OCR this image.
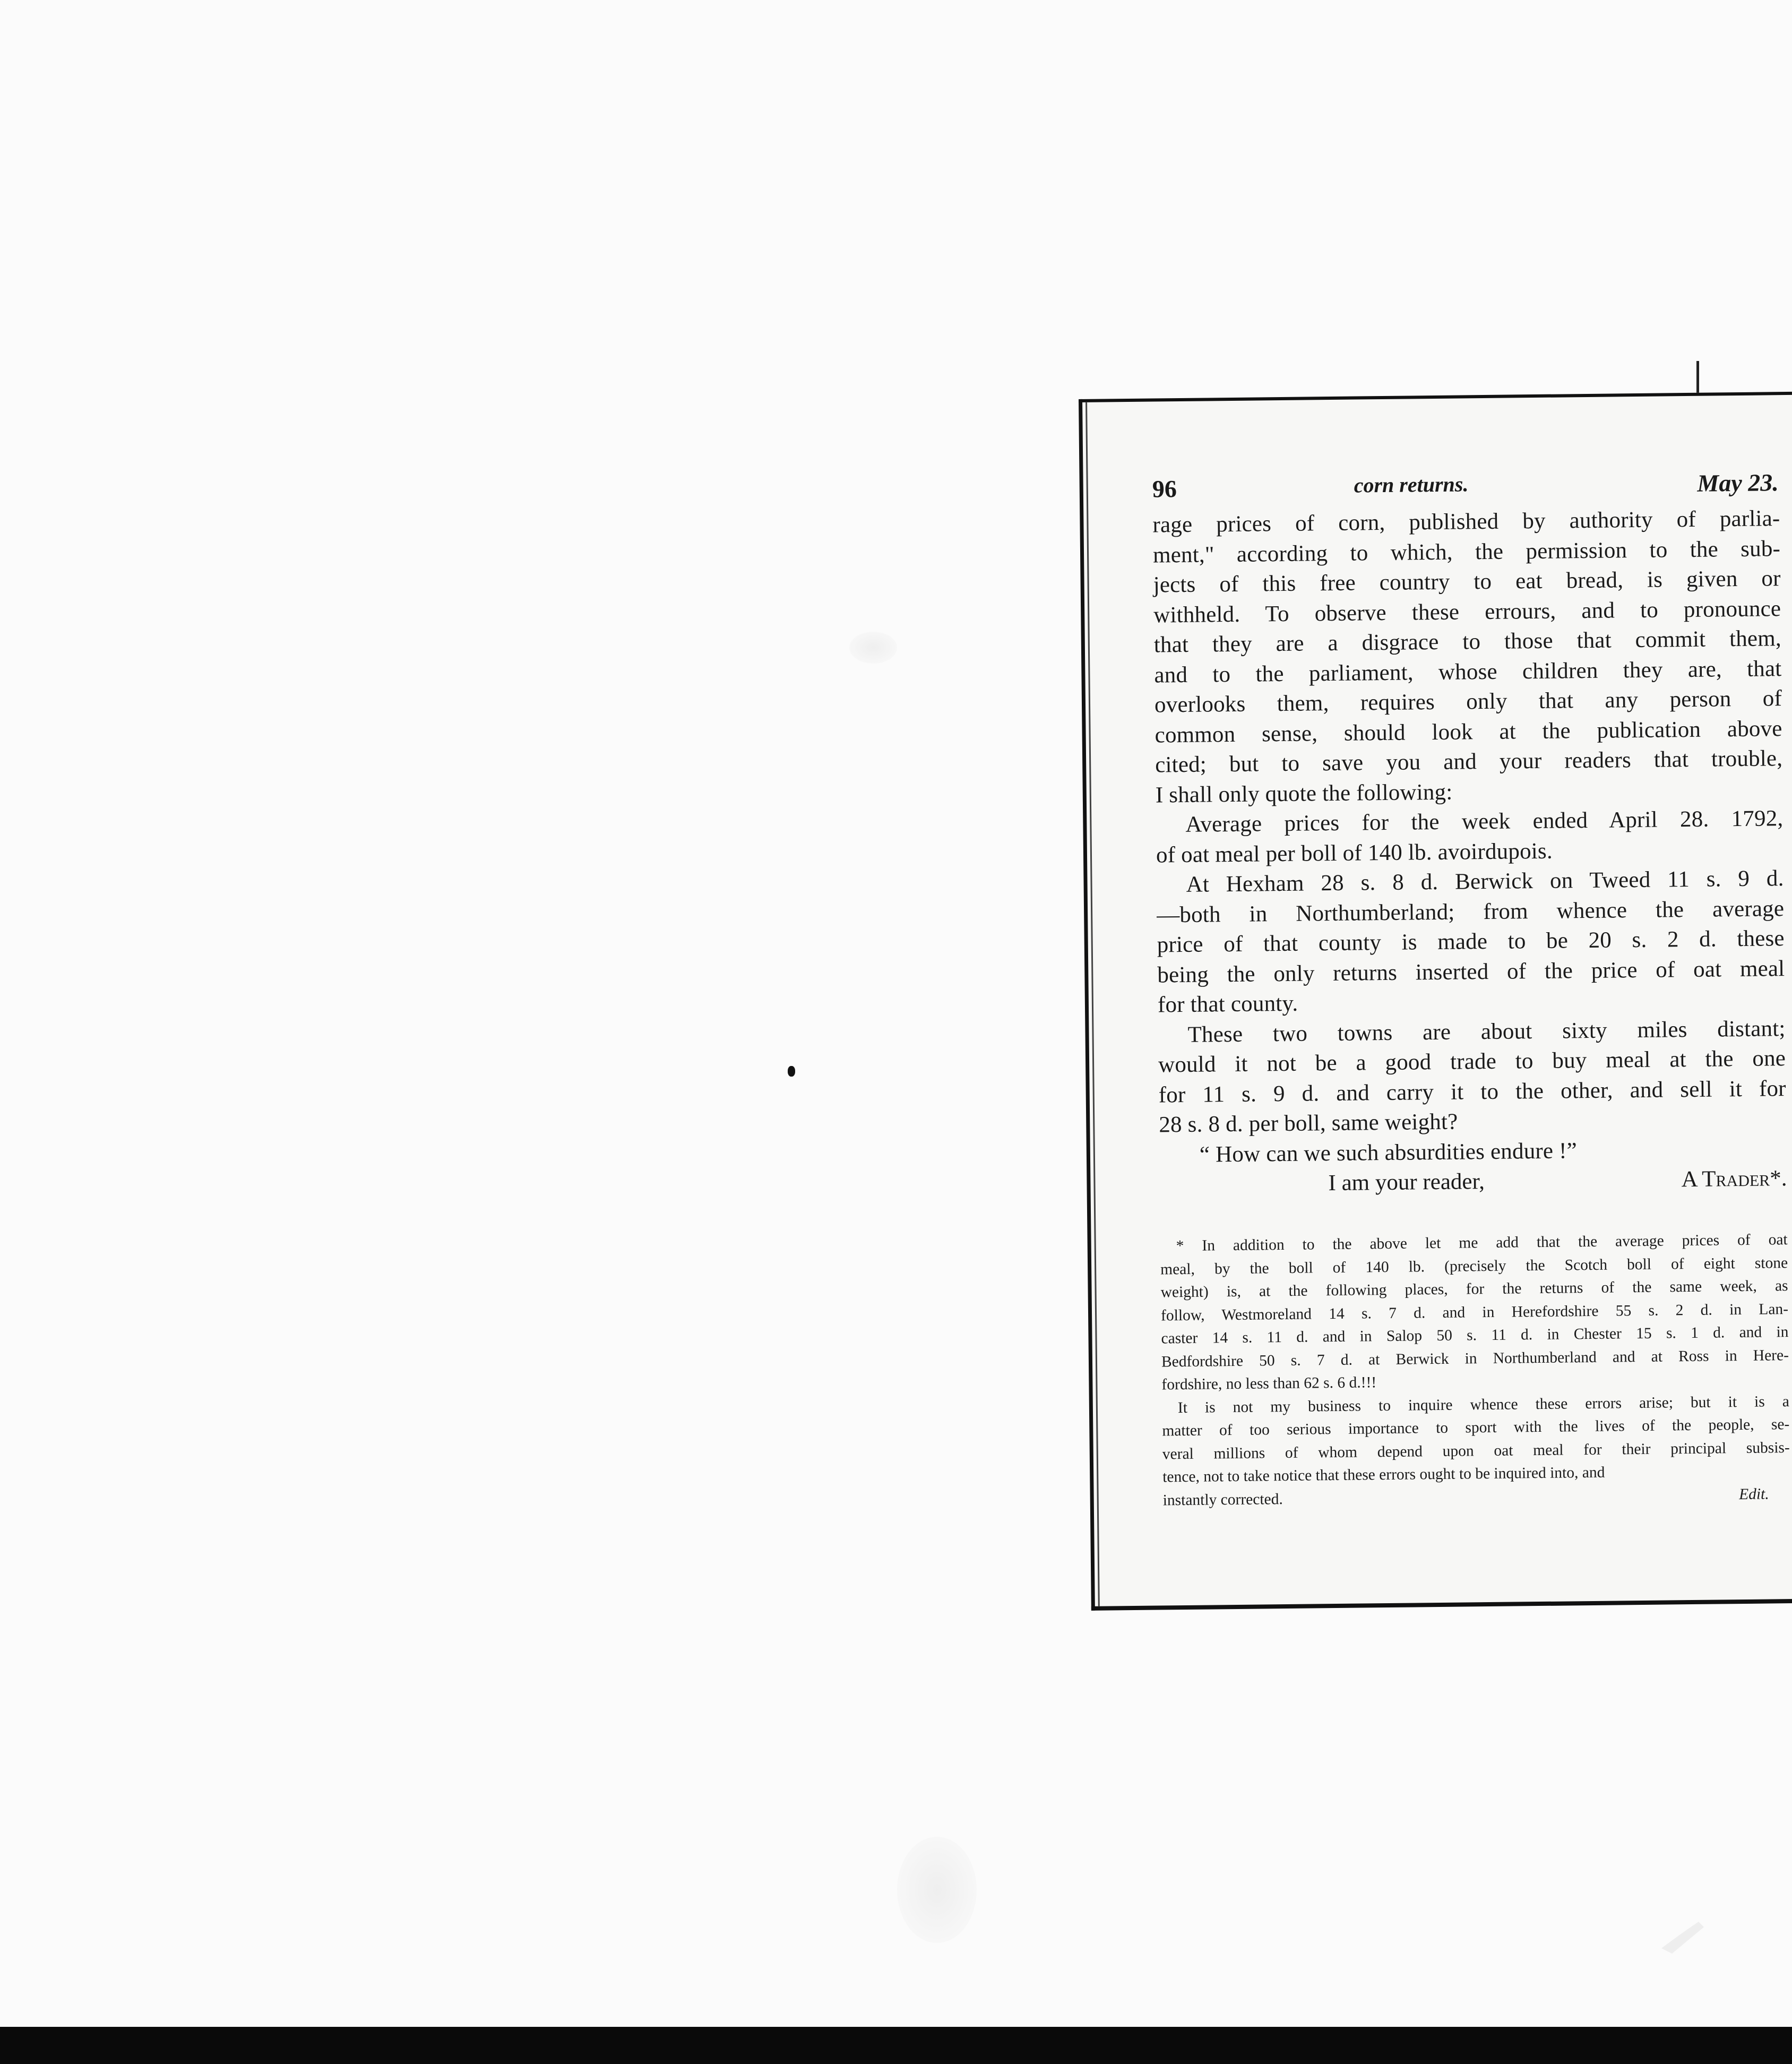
96	corn returns.	May 23.
rage prices of corn, published by authority of parlia-
ment," according to which, the permission to the sub-
jects of this free country to eat bread, is given or
withheld. To observe these errours, and to pronounce
that they are a disgrace to those that commit them,
and to the parliament, whose children they are, that
overlooks them, requires only that any person of
common sense, should look at the publication above
cited; but to save you and your readers that trouble,
I shall only quote the following:
Average prices for the week ended April 28. 1792,
of oat meal per boll of 140 lb. avoirdupois.
At Hexham 28 s. 8 d. Berwick on Tweed 11 s. 9 d.
—both in Northumberland; from whence the average
price of that county is made to be 20 s. 2 d. these
being the only returns inserted of the price of oat meal
for that county.
These two towns are about sixty miles distant;
would it not be a good trade to buy meal at the one
for 11 s. 9 d. and carry it to the other, and sell it for
28 s. 8 d. per boll, same weight?
“ How can we such absurdities endure !”
I am your reader,	A Trader*.
* In addition to the above let me add that the average prices of oat
meal, by the boll of 140 lb. (precisely the Scotch boll of eight stone
weight) is, at the following places, for the returns of the same week, as
follow, Westmoreland 14 s. 7 d. and in Herefordshire 55 s. 2 d. in Lan-
caster 14 s. 11 d. and in Salop 50 s. 11 d. in Chester 15 s. 1 d. and in
Bedfordshire 50 s. 7 d. at Berwick in Northumberland and at Ross in Here-
fordshire, no less than 62 s. 6 d.!!!
It is not my business to inquire whence these errors arise; but it is a
matter of too serious importance to sport with the lives of the people, se-
veral millions of whom depend upon oat meal for their principal subsis-
tence, not to take notice that these errors ought to be inquired into, and
instantly corrected.	Edit.
